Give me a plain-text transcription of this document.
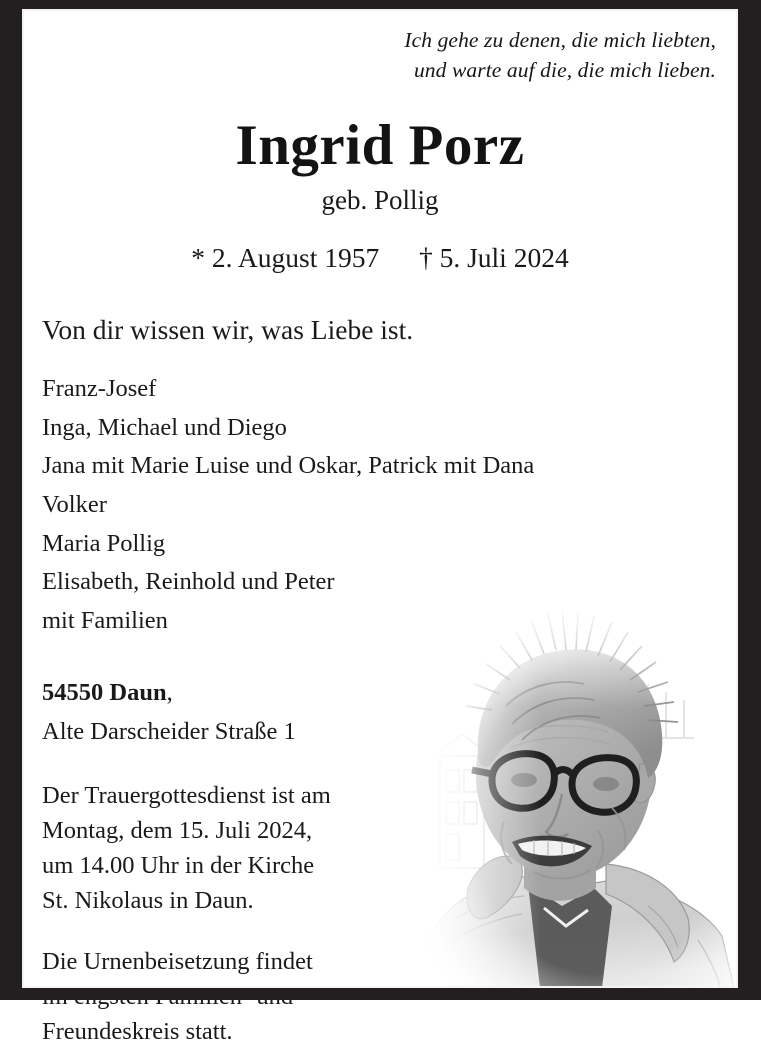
Ich gehe zu denen, die mich liebten,
und warte auf die, die mich lieben.
Ingrid Porz
geb. Pollig
* 2. August 1957 † 5. Juli 2024
Von dir wissen wir, was Liebe ist.
Franz-Josef
Inga, Michael und Diego
Jana mit Marie Luise und Oskar, Patrick mit Dana
Volker
Maria Pollig
Elisabeth, Reinhold und Peter
mit Familien
54550 Daun,
Alte Darscheider Straße 1
Der Trauergottesdienst ist am
Montag, dem 15. Juli 2024,
um 14.00 Uhr in der Kirche
St. Nikolaus in Daun.
Die Urnenbeisetzung findet
Freundeskreis statt.
